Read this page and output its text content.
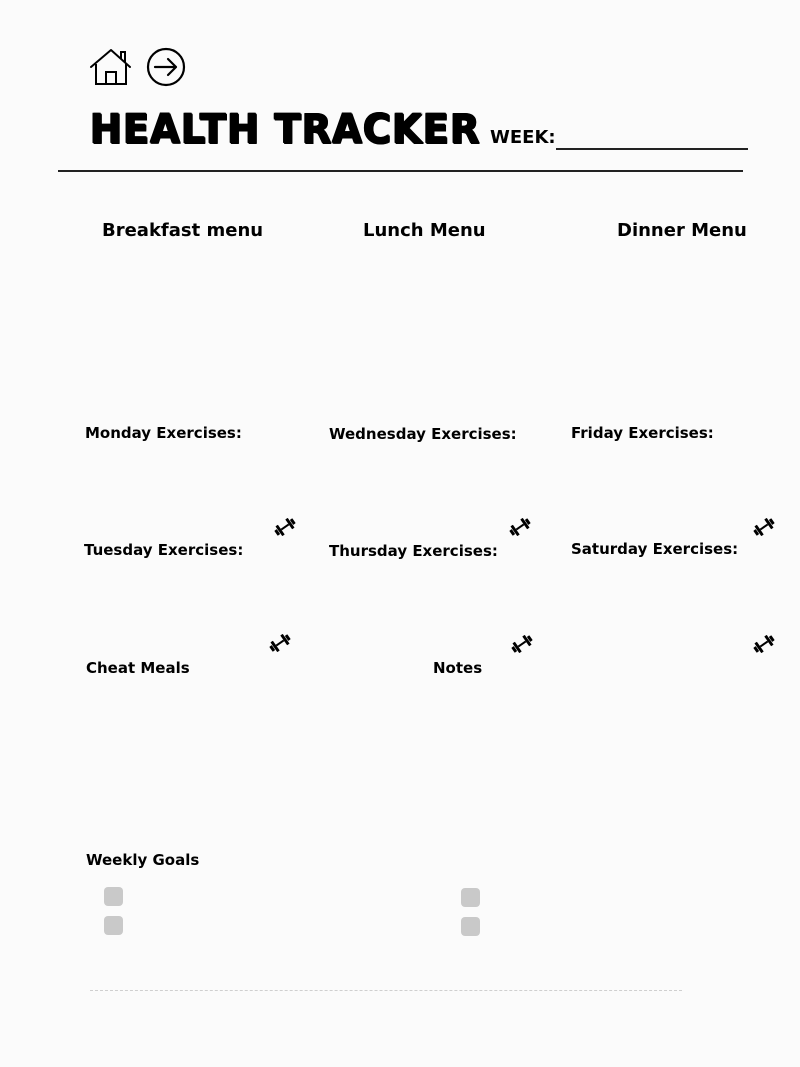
HEALTH TRACKER WEEK:
Breakfast menu	Lunch Menu	Dinner Menu
Monday Exercises:	Wednesday Exercises:	Friday Exercises:
Tuesday Exercises:	Thursday Exercises:	Saturday Exercises:
Cheat Meals	Notes
Weekly Goals
